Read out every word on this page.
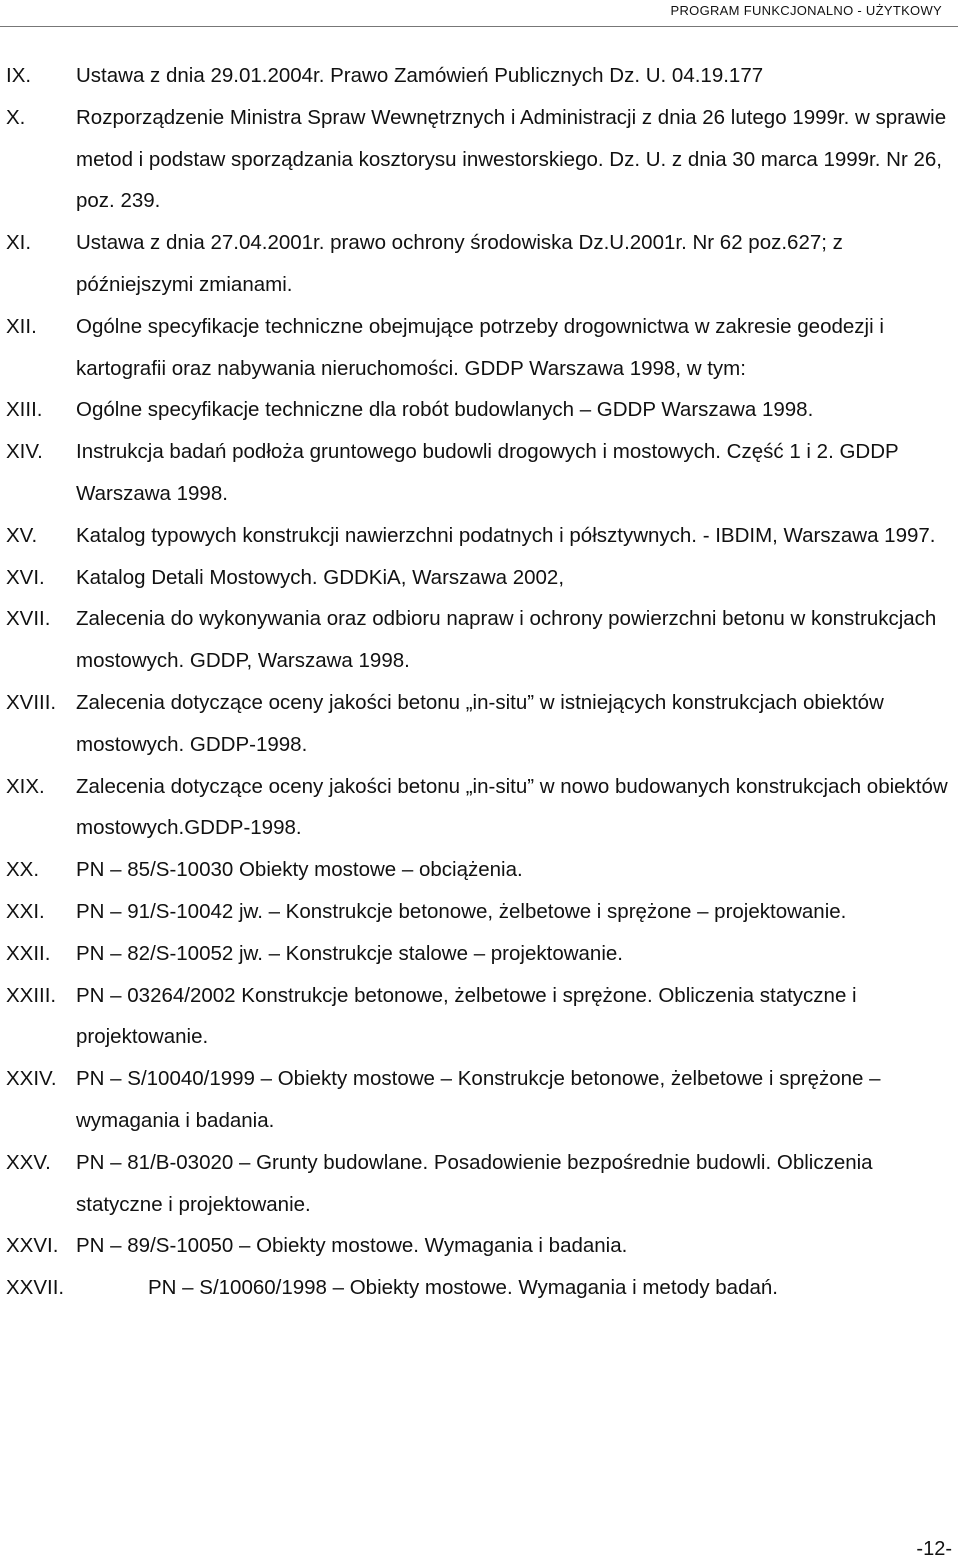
PROGRAM FUNKCJONALNO - UŻYTKOWY
IX.	Ustawa z dnia 29.01.2004r. Prawo Zamówień Publicznych Dz. U. 04.19.177
X.	Rozporządzenie Ministra Spraw Wewnętrznych i Administracji z dnia 26 lutego 1999r. w sprawie metod i podstaw sporządzania kosztorysu inwestorskiego. Dz. U. z dnia 30 marca 1999r. Nr 26, poz. 239.
XI.	Ustawa z dnia 27.04.2001r. prawo ochrony środowiska Dz.U.2001r. Nr 62 poz.627; z późniejszymi zmianami.
XII.	Ogólne specyfikacje techniczne obejmujące potrzeby drogownictwa w zakresie geodezji i kartografii oraz nabywania nieruchomości. GDDP Warszawa 1998, w tym:
XIII.	Ogólne specyfikacje techniczne dla robót budowlanych – GDDP Warszawa 1998.
XIV.	Instrukcja badań podłoża gruntowego budowli drogowych i mostowych. Część 1 i 2. GDDP Warszawa 1998.
XV.	Katalog typowych konstrukcji nawierzchni podatnych i półsztywnych. - IBDIM, Warszawa 1997.
XVI.	Katalog Detali Mostowych. GDDKiA, Warszawa 2002,
XVII.	Zalecenia do wykonywania oraz odbioru napraw i ochrony powierzchni betonu w konstrukcjach mostowych. GDDP, Warszawa 1998.
XVIII. Zalecenia dotyczące oceny jakości betonu „in-situ” w istniejących konstrukcjach obiektów mostowych. GDDP-1998.
XIX.	Zalecenia dotyczące oceny jakości betonu „in-situ” w nowo budowanych konstrukcjach obiektów mostowych.GDDP-1998.
XX.	PN – 85/S-10030 Obiekty mostowe – obciążenia.
XXI.	PN – 91/S-10042 jw. – Konstrukcje betonowe, żelbetowe i sprężone – projektowanie.
XXII.	PN – 82/S-10052 jw. – Konstrukcje stalowe – projektowanie.
XXIII. PN – 03264/2002 Konstrukcje betonowe, żelbetowe i sprężone. Obliczenia statyczne i projektowanie.
XXIV. PN – S/10040/1999 – Obiekty mostowe – Konstrukcje betonowe, żelbetowe i sprężone – wymagania i badania.
XXV.	PN – 81/B-03020 – Grunty budowlane. Posadowienie bezpośrednie budowli. Obliczenia statyczne i projektowanie.
XXVI. PN – 89/S-10050 – Obiekty mostowe. Wymagania i badania.
XXVII.	PN – S/10060/1998 – Obiekty mostowe. Wymagania i metody badań.
-12-
